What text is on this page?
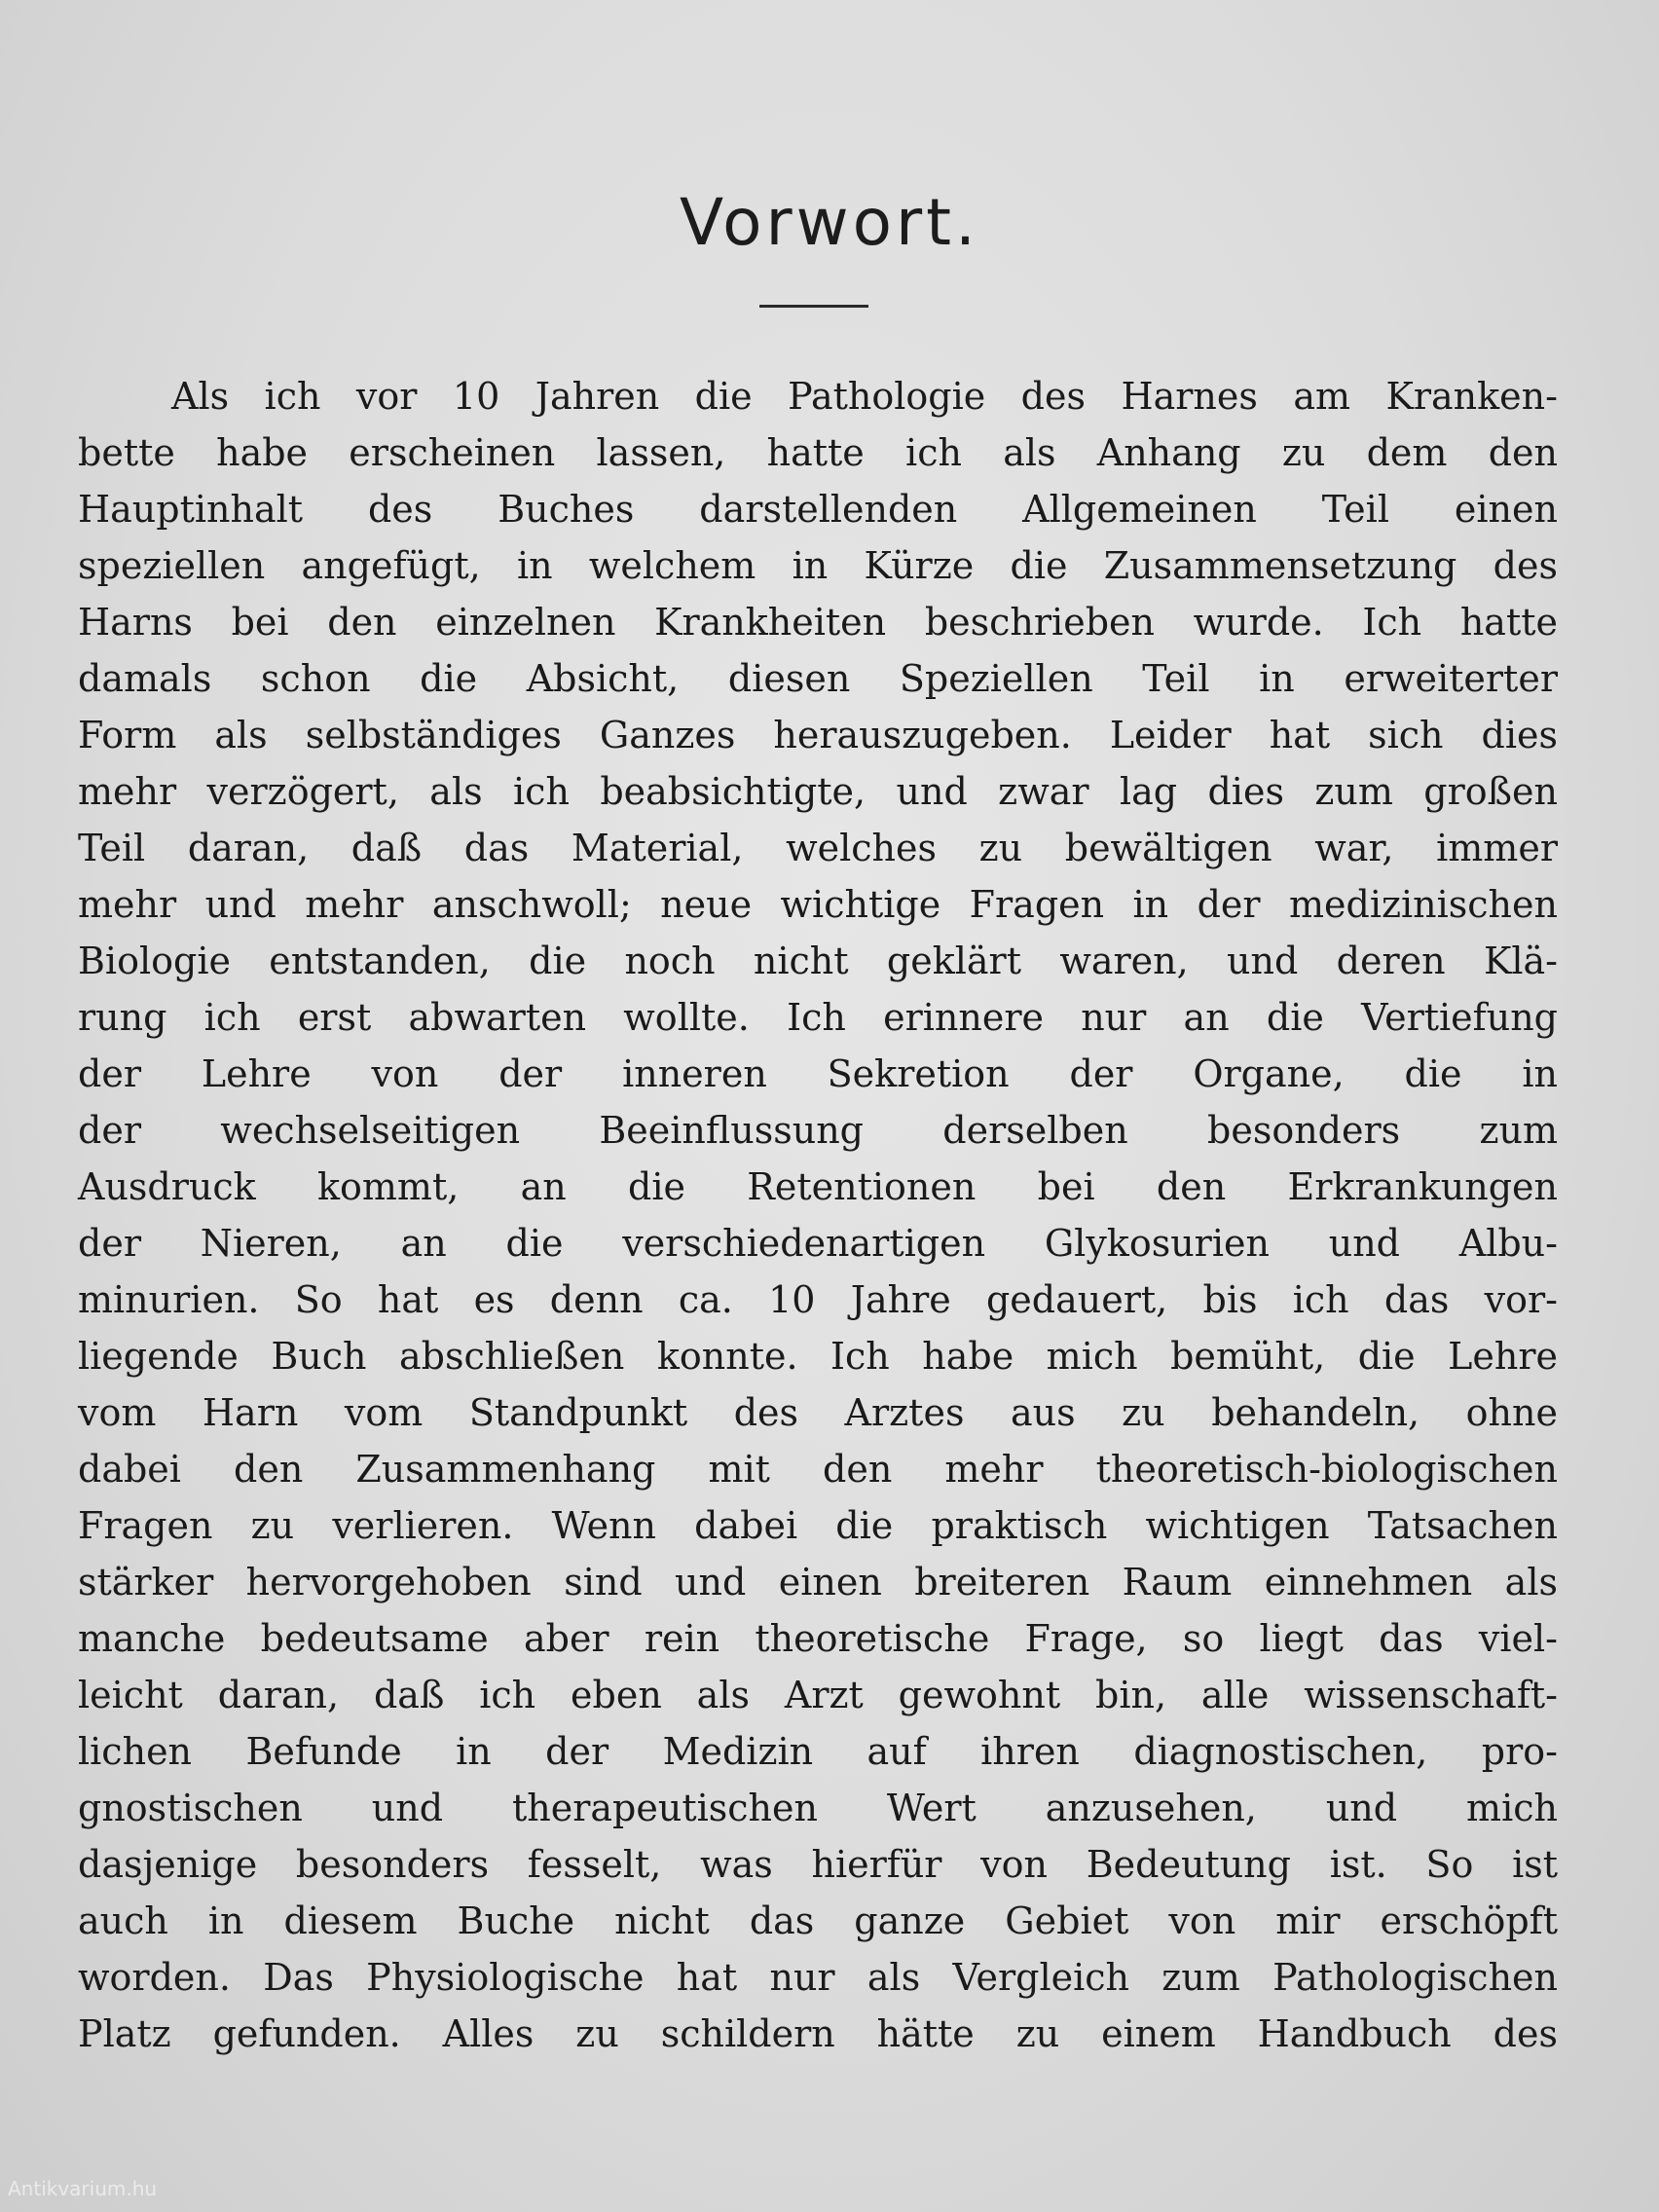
Vorwort.
Als ich vor 10 Jahren die Pathologie des Harnes am Kranken-
bette habe erscheinen lassen, hatte ich als Anhang zu dem den
Hauptinhalt des Buches darstellenden Allgemeinen Teil einen
speziellen angefügt, in welchem in Kürze die Zusammensetzung des
Harns bei den einzelnen Krankheiten beschrieben wurde. Ich hatte
damals schon die Absicht, diesen Speziellen Teil in erweiterter
Form als selbständiges Ganzes herauszugeben. Leider hat sich dies
mehr verzögert, als ich beabsichtigte, und zwar lag dies zum großen
Teil daran, daß das Material, welches zu bewältigen war, immer
mehr und mehr anschwoll; neue wichtige Fragen in der medizinischen
Biologie entstanden, die noch nicht geklärt waren, und deren Klä-
rung ich erst abwarten wollte. Ich erinnere nur an die Vertiefung
der Lehre von der inneren Sekretion der Organe, die in
der wechselseitigen Beeinflussung derselben besonders zum
Ausdruck kommt, an die Retentionen bei den Erkrankungen
der Nieren, an die verschiedenartigen Glykosurien und Albu-
minurien. So hat es denn ca. 10 Jahre gedauert, bis ich das vor-
liegende Buch abschließen konnte. Ich habe mich bemüht, die Lehre
vom Harn vom Standpunkt des Arztes aus zu behandeln, ohne
dabei den Zusammenhang mit den mehr theoretisch-biologischen
Fragen zu verlieren. Wenn dabei die praktisch wichtigen Tatsachen
stärker hervorgehoben sind und einen breiteren Raum einnehmen als
manche bedeutsame aber rein theoretische Frage, so liegt das viel-
leicht daran, daß ich eben als Arzt gewohnt bin, alle wissenschaft-
lichen Befunde in der Medizin auf ihren diagnostischen, pro-
gnostischen und therapeutischen Wert anzusehen, und mich
dasjenige besonders fesselt, was hierfür von Bedeutung ist. So ist
auch in diesem Buche nicht das ganze Gebiet von mir erschöpft
worden. Das Physiologische hat nur als Vergleich zum Pathologischen
Platz gefunden. Alles zu schildern hätte zu einem Handbuch des
Antikvarium.hu
